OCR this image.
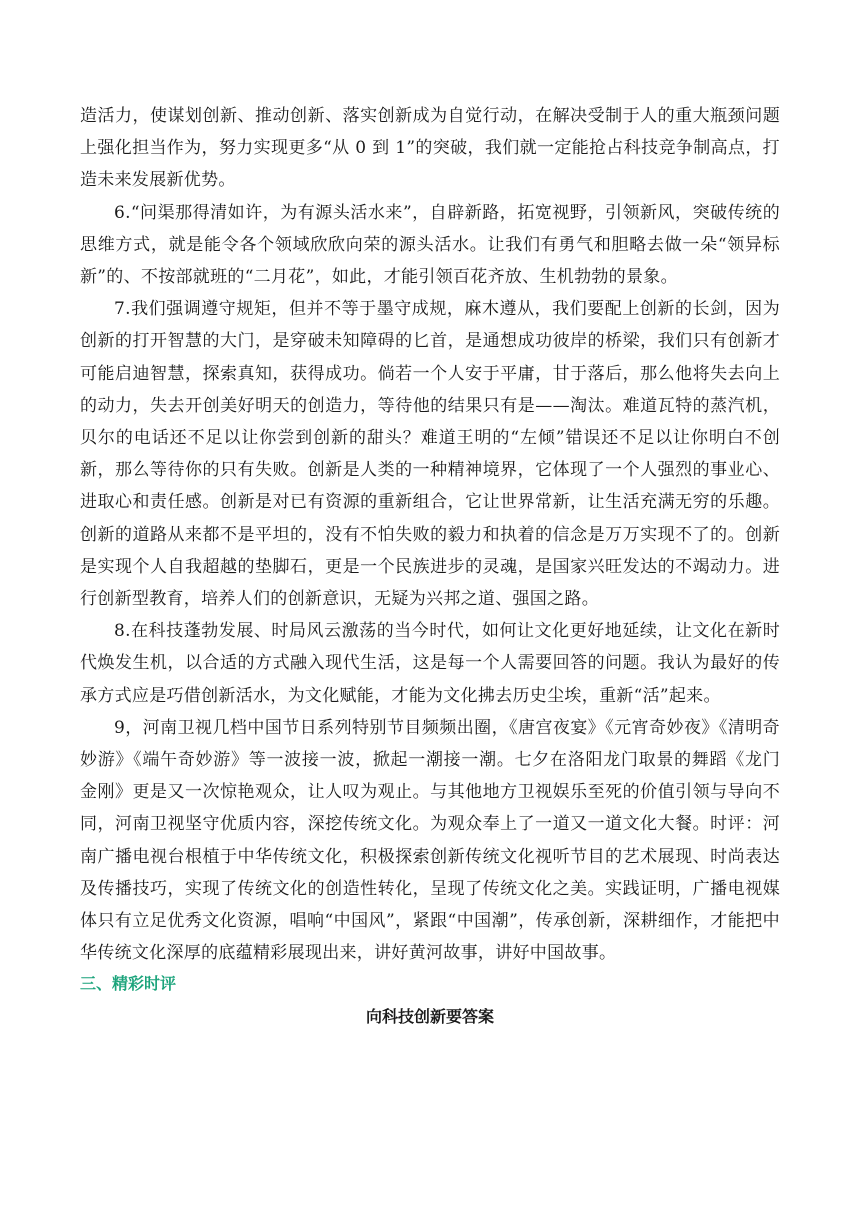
造活力，使谋划创新、推动创新、落实创新成为自觉行动，在解决受制于人的重大瓶颈问题上强化担当作为，努力实现更多“从 0 到 1”的突破，我们就一定能抢占科技竞争制高点，打造未来发展新优势。

6.“问渠那得清如许，为有源头活水来”，自辟新路，拓宽视野，引领新风，突破传统的思维方式，就是能令各个领域欣欣向荣的源头活水。让我们有勇气和胆略去做一朵“领异标新”的、不按部就班的“二月花”，如此，才能引领百花齐放、生机勃勃的景象。

7.我们强调遵守规矩，但并不等于墨守成规，麻木遵从，我们要配上创新的长剑，因为创新的打开智慧的大门，是穿破未知障碍的匕首，是通想成功彼岸的桥梁，我们只有创新才可能启迪智慧，探索真知，获得成功。倘若一个人安于平庸，甘于落后，那么他将失去向上的动力，失去开创美好明天的创造力，等待他的结果只有是——淘汰。难道瓦特的蒸汽机，贝尔的电话还不足以让你尝到创新的甜头？难道王明的“左倾”错误还不足以让你明白不创新，那么等待你的只有失败。创新是人类的一种精神境界，它体现了一个人强烈的事业心、进取心和责任感。创新是对已有资源的重新组合，它让世界常新，让生活充满无穷的乐趣。创新的道路从来都不是平坦的，没有不怕失败的毅力和执着的信念是万万实现不了的。创新是实现个人自我超越的垫脚石，更是一个民族进步的灵魂，是国家兴旺发达的不竭动力。进行创新型教育，培养人们的创新意识，无疑为兴邦之道、强国之路。

8.在科技蓬勃发展、时局风云激荡的当今时代，如何让文化更好地延续，让文化在新时代焕发生机，以合适的方式融入现代生活，这是每一个人需要回答的问题。我认为最好的传承方式应是巧借创新活水，为文化赋能，才能为文化拂去历史尘埃，重新“活”起来。

9，河南卫视几档中国节日系列特别节目频频出圈，《唐宫夜宴》《元宵奇妙夜》《清明奇妙游》《端午奇妙游》等一波接一波，掀起一潮接一潮。七夕在洛阳龙门取景的舞蹈《龙门金刚》更是又一次惊艳观众，让人叹为观止。与其他地方卫视娱乐至死的价值引领与导向不同，河南卫视坚守优质内容，深挖传统文化。为观众奉上了一道又一道文化大餐。时评：河南广播电视台根植于中华传统文化，积极探索创新传统文化视听节目的艺术展现、时尚表达及传播技巧，实现了传统文化的创造性转化，呈现了传统文化之美。实践证明，广播电视媒体只有立足优秀文化资源，唱响“中国风”，紧跟“中国潮”，传承创新，深耕细作，才能把中华传统文化深厚的底蕴精彩展现出来，讲好黄河故事，讲好中国故事。

三、精彩时评
向科技创新要答案
